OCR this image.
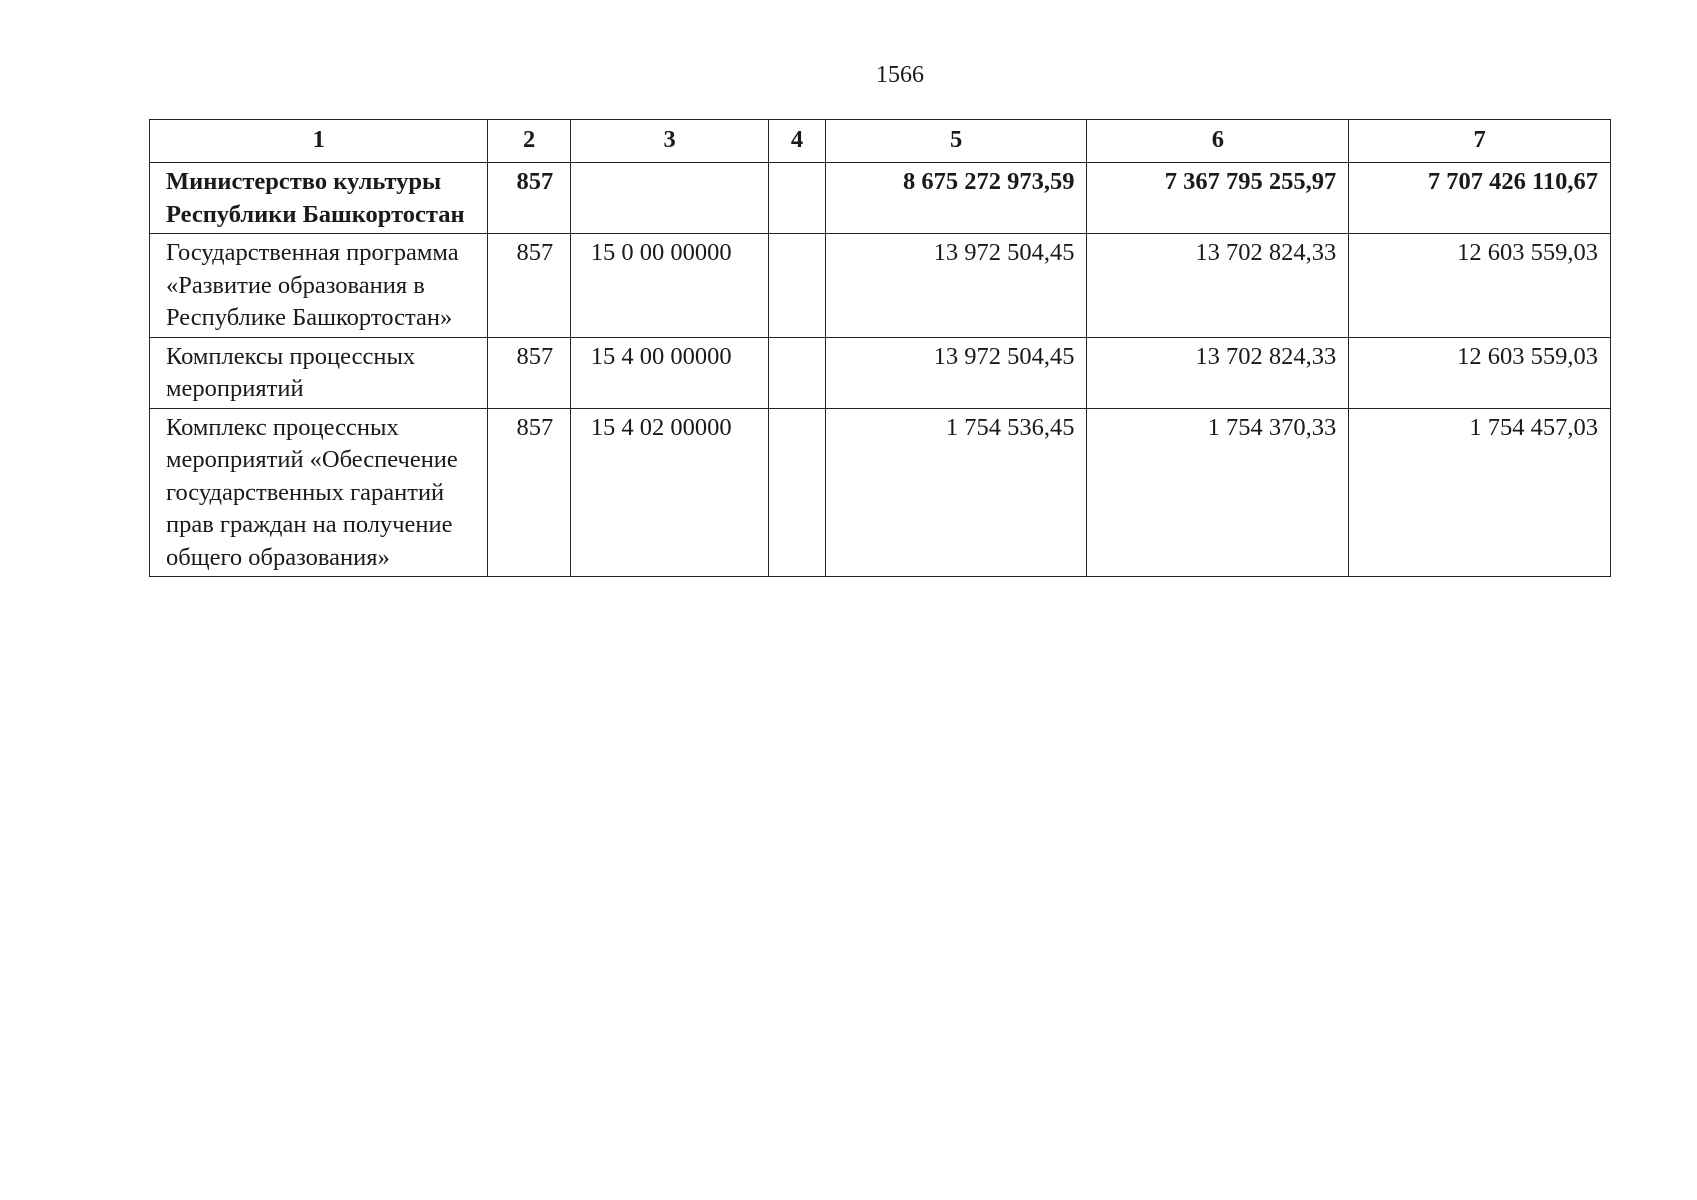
1566
1	2	3	4	5	6	7
Министерство культуры Республики Башкортостан	857			8 675 272 973,59	7 367 795 255,97	7 707 426 110,67
Государственная программа «Развитие образования в Республике Башкортостан»	857	15 0 00 00000		13 972 504,45	13 702 824,33	12 603 559,03
Комплексы процессных мероприятий	857	15 4 00 00000		13 972 504,45	13 702 824,33	12 603 559,03
Комплекс процессных мероприятий «Обеспечение государственных гарантий прав граждан на получение общего образования»	857	15 4 02 00000		1 754 536,45	1 754 370,33	1 754 457,03
